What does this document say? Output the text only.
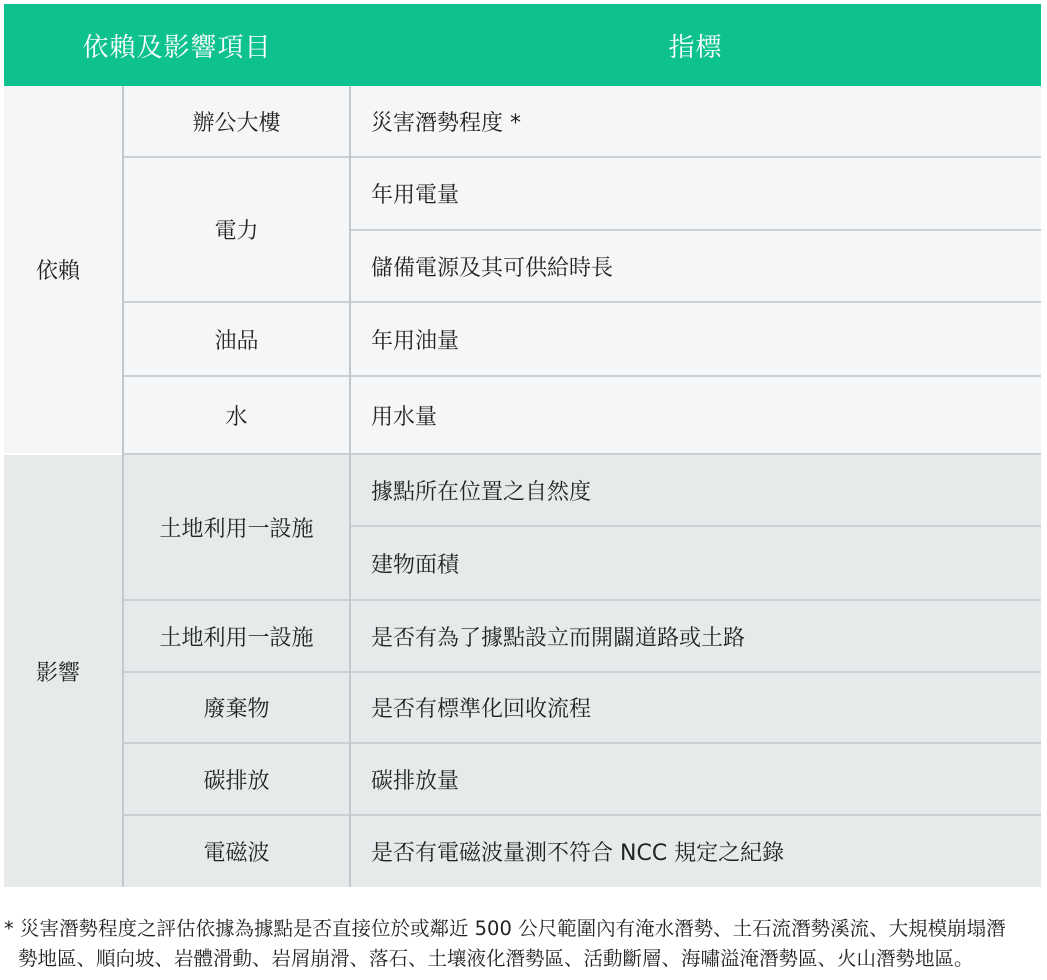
依賴及影響項目		指標
依賴	辦公大樓	災害潛勢程度 *
	電力	年用電量
		儲備電源及其可供給時長
	油品	年用油量
	水	用水量
影響	土地利用一設施	據點所在位置之自然度
		建物面積
	土地利用一設施	是否有為了據點設立而開闢道路或土路
	廢棄物	是否有標準化回收流程
	碳排放	碳排放量
	電磁波	是否有電磁波量測不符合 NCC 規定之紀錄
* 災害潛勢程度之評估依據為據點是否直接位於或鄰近 500 公尺範圍內有淹水潛勢、土石流潛勢溪流、大規模崩塌潛
勢地區、順向坡、岩體滑動、岩屑崩滑、落石、土壤液化潛勢區、活動斷層、海嘯溢淹潛勢區、火山潛勢地區。
